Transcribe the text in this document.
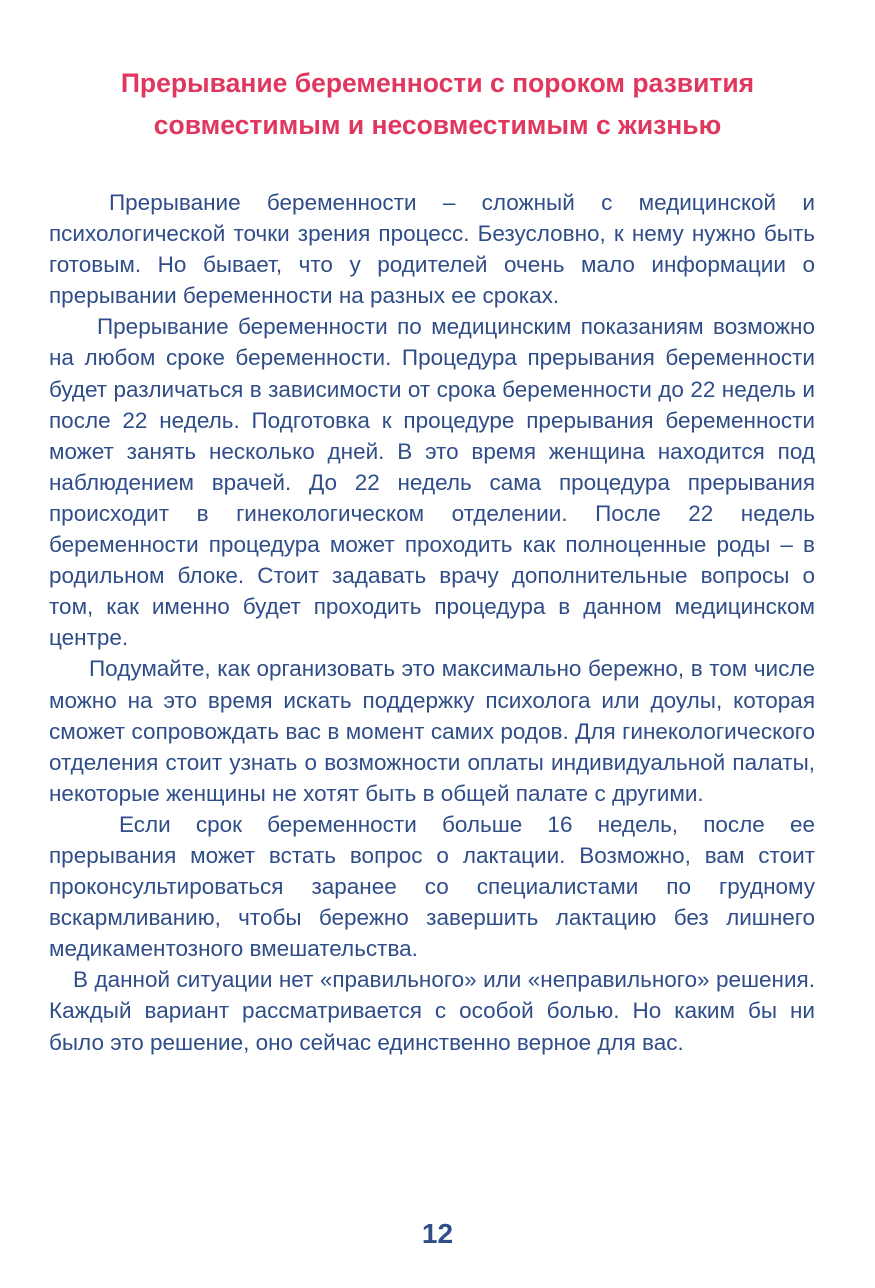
Прерывание беременности с пороком развития
совместимым и несовместимым с жизнью

Прерывание беременности – сложный с медицинской и психологической точки зрения процесс. Безусловно, к нему нужно быть готовым. Но бывает, что у родителей очень мало информации о прерывании беременности на разных ее сроках.

Прерывание беременности по медицинским показаниям возможно на любом сроке беременности. Процедура прерывания беременности будет различаться в зависимости от срока беременности до 22 недель и после 22 недель. Подготовка к процедуре прерывания беременности может занять несколько дней. В это время женщина находится под наблюдением врачей. До 22 недель сама процедура прерывания происходит в гинекологическом отделении. После 22 недель беременности процедура может проходить как полноценные роды – в родильном блоке. Стоит задавать врачу дополнительные вопросы о том, как именно будет проходить процедура в данном медицинском центре.

Подумайте, как организовать это максимально бережно, в том числе можно на это время искать поддержку психолога или доулы, которая сможет сопровождать вас в момент самих родов. Для гинекологического отделения стоит узнать о возможности оплаты индивидуальной палаты, некоторые женщины не хотят быть в общей палате с другими.

Если срок беременности больше 16 недель, после ее прерывания может встать вопрос о лактации. Возможно, вам стоит проконсультироваться заранее со специалистами по грудному вскармливанию, чтобы бережно завершить лактацию без лишнего медикаментозного вмешательства.

В данной ситуации нет «правильного» или «неправильного» решения. Каждый вариант рассматривается с особой болью. Но каким бы ни было это решение, оно сейчас единственно верное для вас.

12
